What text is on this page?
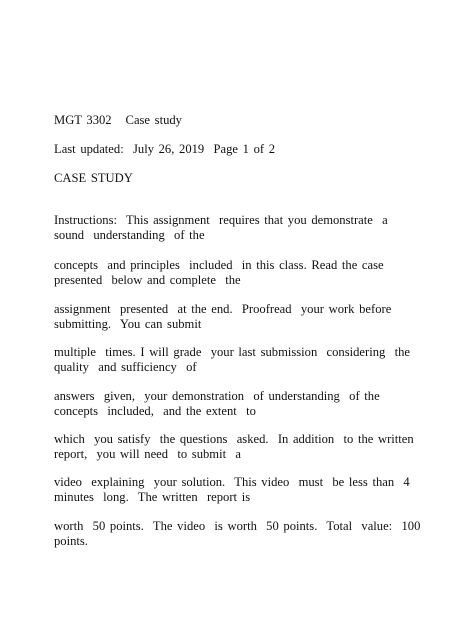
MGT 3302   Case study

Last updated:  July 26, 2019  Page 1 of 2

CASE STUDY

Instructions:  This assignment  requires that you demonstrate  a

sound  understanding  of the

concepts  and principles  included  in this class. Read the case

presented  below and complete  the

assignment  presented  at the end.  Proofread  your work before

submitting.  You can submit

multiple  times. I will grade  your last submission  considering  the

quality  and sufficiency  of

answers  given,  your demonstration  of understanding  of the

concepts  included,  and the extent  to

which  you satisfy  the questions  asked.  In addition  to the written

report,  you will need  to submit  a

video  explaining  your solution.  This video  must  be less than  4

minutes  long.  The written  report is

worth  50 points.  The video  is worth  50 points.  Total  value:  100

points.
